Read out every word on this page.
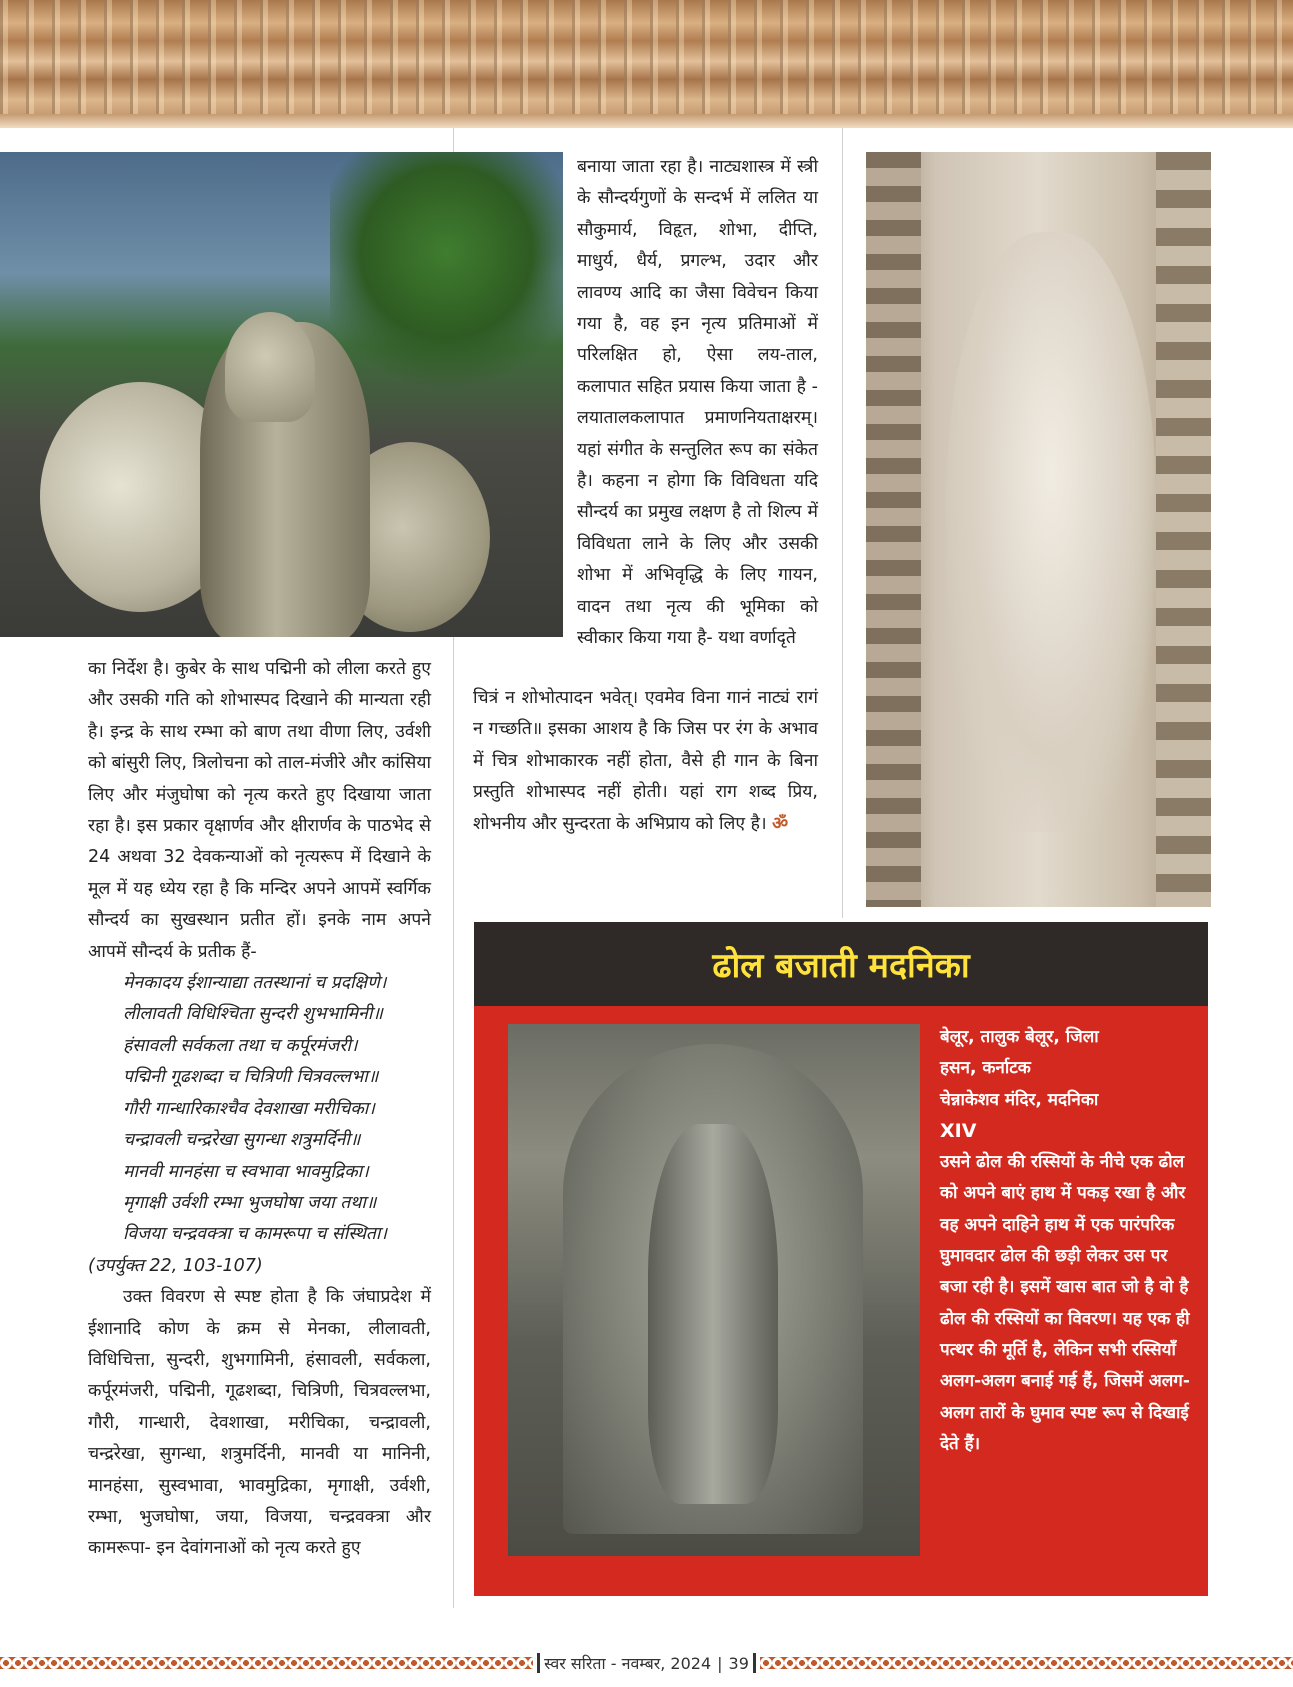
बनाया जाता रहा है। नाट्यशास्त्र में स्त्री के सौन्दर्यगुणों के सन्दर्भ में ललित या सौकुमार्य, विहृत, शोभा, दीप्ति, माधुर्य, धैर्य, प्रगल्भ, उदार और लावण्य आदि का जैसा विवेचन किया गया है, वह इन नृत्य प्रतिमाओं में परिलक्षित हो, ऐसा लय-ताल, कलापात सहित प्रयास किया जाता है - लयातालकलापात प्रमाणनियताक्षरम्। यहां संगीत के सन्तुलित रूप का संकेत है। कहना न होगा कि विविधता यदि सौन्दर्य का प्रमुख लक्षण है तो शिल्प में विविधता लाने के लिए और उसकी शोभा में अभिवृद्धि के लिए गायन, वादन तथा नृत्य की भूमिका को स्वीकार किया गया है- यथा वर्णादृते

चित्रं न शोभोत्पादन भवेत्। एवमेव विना गानं नाट्यं रागं न गच्छति॥ इसका आशय है कि जिस पर रंग के अभाव में चित्र शोभाकारक नहीं होता, वैसे ही गान के बिना प्रस्तुति शोभास्पद नहीं होती। यहां राग शब्द प्रिय, शोभनीय और सुन्दरता के अभिप्राय को लिए है। ॐ

का निर्देश है। कुबेर के साथ पद्मिनी को लीला करते हुए और उसकी गति को शोभास्पद दिखाने की मान्यता रही है। इन्द्र के साथ रम्भा को बाण तथा वीणा लिए, उर्वशी को बांसुरी लिए, त्रिलोचना को ताल-मंजीरे और कांसिया लिए और मंजुघोषा को नृत्य करते हुए दिखाया जाता रहा है। इस प्रकार वृक्षार्णव और क्षीरार्णव के पाठभेद से 24 अथवा 32 देवकन्याओं को नृत्यरूप में दिखाने के मूल में यह ध्येय रहा है कि मन्दिर अपने आपमें स्वर्गिक सौन्दर्य का सुखस्थान प्रतीत हों। इनके नाम अपने आपमें सौन्दर्य के प्रतीक हैं-

मेनकादय ईशान्याद्या ततस्थानां च प्रदक्षिणे।
लीलावती विधिश्चिता सुन्दरी शुभभामिनी॥
हंसावली सर्वकला तथा च कर्पूरमंजरी।
पद्मिनी गूढशब्दा च चित्रिणी चित्रवल्लभा॥
गौरी गान्धारिकाश्चैव देवशाखा मरीचिका।
चन्द्रावली चन्द्ररेखा सुगन्धा शत्रुमर्दिनी॥
मानवी मानहंसा च स्वभावा भावमुद्रिका।
मृगाक्षी उर्वशी रम्भा भुजघोषा जया तथा॥
विजया चन्द्रवक्त्रा च कामरूपा च संस्थिता।

(उपर्युक्त 22, 103-107)

उक्त विवरण से स्पष्ट होता है कि जंघाप्रदेश में ईशानादि कोण के क्रम से मेनका, लीलावती, विधिचित्ता, सुन्दरी, शुभगामिनी, हंसावली, सर्वकला, कर्पूरमंजरी, पद्मिनी, गूढशब्दा, चित्रिणी, चित्रवल्लभा, गौरी, गान्धारी, देवशाखा, मरीचिका, चन्द्रावली, चन्द्ररेखा, सुगन्धा, शत्रुमर्दिनी, मानवी या मानिनी, मानहंसा, सुस्वभावा, भावमुद्रिका, मृगाक्षी, उर्वशी, रम्भा, भुजघोषा, जया, विजया, चन्द्रवक्त्रा और कामरूपा- इन देवांगनाओं को नृत्य करते हुए

ढोल बजाती मदनिका

बेलूर, तालुक बेलूर, जिला

हसन, कर्नाटक

चेन्नाकेशव मंदिर, मदनिका

XIV

उसने ढोल की रस्सियों के नीचे एक ढोल को अपने बाएं हाथ में पकड़ रखा है और वह अपने दाहिने हाथ में एक पारंपरिक घुमावदार ढोल की छड़ी लेकर उस पर बजा रही है। इसमें खास बात जो है वो है ढोल की रस्सियों का विवरण। यह एक ही पत्थर की मूर्ति है, लेकिन सभी रस्सियाँ अलग-अलग बनाई गई हैं, जिसमें अलग-अलग तारों के घुमाव स्पष्ट रूप से दिखाई देते हैं।

स्वर सरिता - नवम्बर, 2024 | 39
